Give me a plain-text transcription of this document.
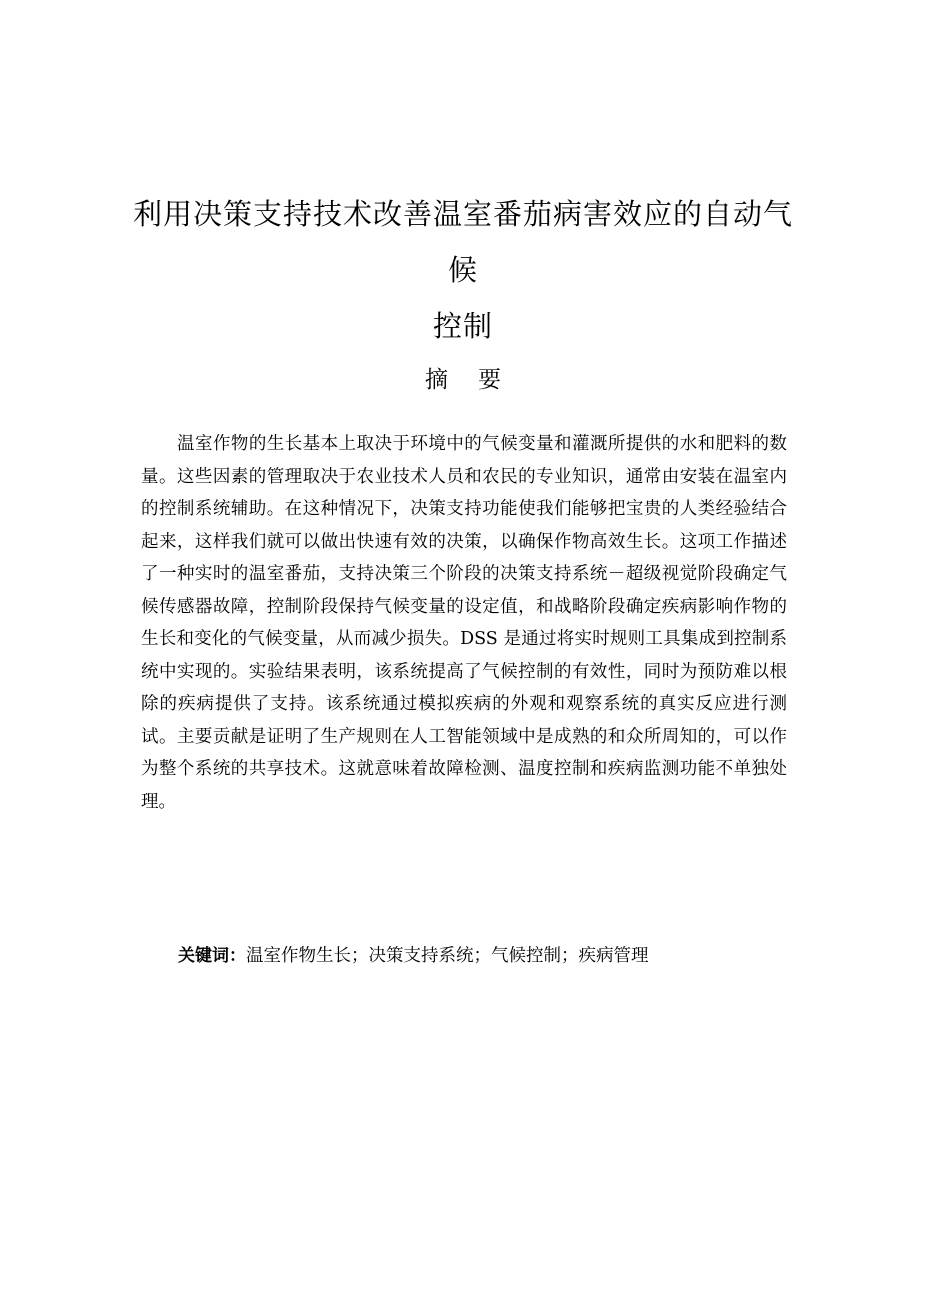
利用决策支持技术改善温室番茄病害效应的自动气候
控制
摘 要

温室作物的生长基本上取决于环境中的气候变量和灌溉所提供的水和肥料的数量。这些因素的管理取决于农业技术人员和农民的专业知识，通常由安装在温室内的控制系统辅助。在这种情况下，决策支持功能使我们能够把宝贵的人类经验结合起来，这样我们就可以做出快速有效的决策，以确保作物高效生长。这项工作描述了一种实时的温室番茄，支持决策三个阶段的决策支持系统－超级视觉阶段确定气候传感器故障，控制阶段保持气候变量的设定值，和战略阶段确定疾病影响作物的生长和变化的气候变量，从而减少损失。DSS 是通过将实时规则工具集成到控制系统中实现的。实验结果表明，该系统提高了气候控制的有效性，同时为预防难以根除的疾病提供了支持。该系统通过模拟疾病的外观和观察系统的真实反应进行测试。主要贡献是证明了生产规则在人工智能领域中是成熟的和众所周知的，可以作为整个系统的共享技术。这就意味着故障检测、温度控制和疾病监测功能不单独处理。

关键词：温室作物生长；决策支持系统；气候控制；疾病管理
